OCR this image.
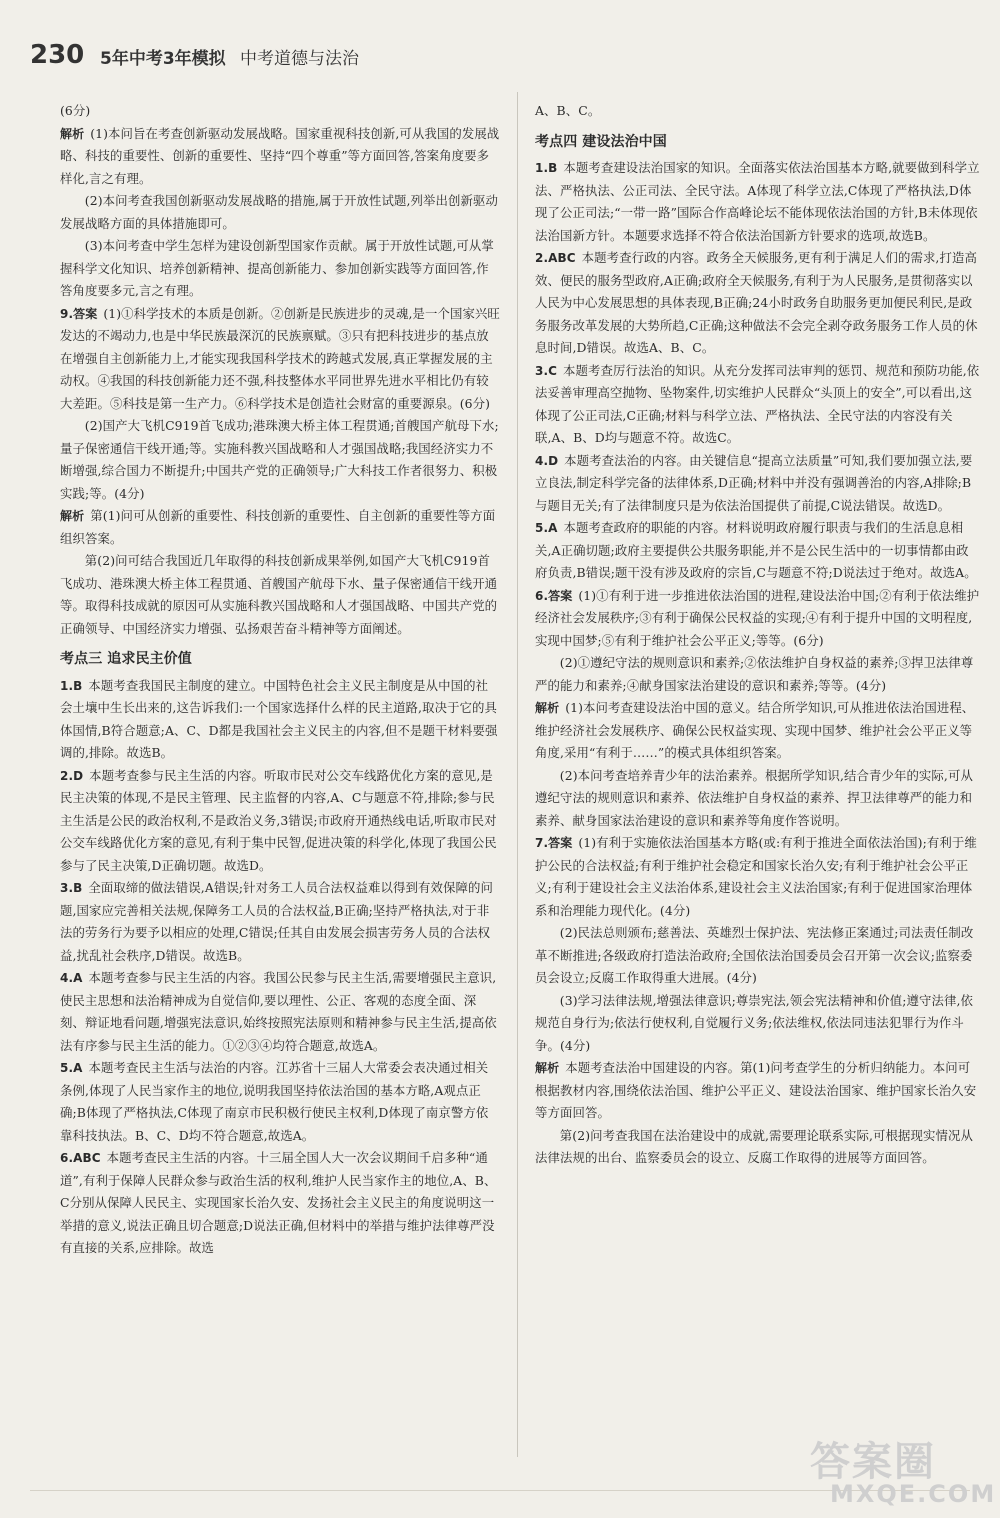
230 5年中考3年模拟 中考道德与法治

(6分)

解析 (1)本问旨在考查创新驱动发展战略。国家重视科技创新,可从我国的发展战略、科技的重要性、创新的重要性、坚持“四个尊重”等方面回答,答案角度要多样化,言之有理。

(2)本问考查我国创新驱动发展战略的措施,属于开放性试题,列举出创新驱动发展战略方面的具体措施即可。

(3)本问考查中学生怎样为建设创新型国家作贡献。属于开放性试题,可从掌握科学文化知识、培养创新精神、提高创新能力、参加创新实践等方面回答,作答角度要多元,言之有理。

9.答案 (1)①科学技术的本质是创新。②创新是民族进步的灵魂,是一个国家兴旺发达的不竭动力,也是中华民族最深沉的民族禀赋。③只有把科技进步的基点放在增强自主创新能力上,才能实现我国科学技术的跨越式发展,真正掌握发展的主动权。④我国的科技创新能力还不强,科技整体水平同世界先进水平相比仍有较大差距。⑤科技是第一生产力。⑥科学技术是创造社会财富的重要源泉。(6分)

(2)国产大飞机C919首飞成功;港珠澳大桥主体工程贯通;首艘国产航母下水;量子保密通信干线开通;等。实施科教兴国战略和人才强国战略;我国经济实力不断增强,综合国力不断提升;中国共产党的正确领导;广大科技工作者很努力、积极实践;等。(4分)

解析 第(1)问可从创新的重要性、科技创新的重要性、自主创新的重要性等方面组织答案。

第(2)问可结合我国近几年取得的科技创新成果举例,如国产大飞机C919首飞成功、港珠澳大桥主体工程贯通、首艘国产航母下水、量子保密通信干线开通等。取得科技成就的原因可从实施科教兴国战略和人才强国战略、中国共产党的正确领导、中国经济实力增强、弘扬艰苦奋斗精神等方面阐述。

考点三 追求民主价值

1.B 本题考查我国民主制度的建立。中国特色社会主义民主制度是从中国的社会土壤中生长出来的,这告诉我们:一个国家选择什么样的民主道路,取决于它的具体国情,B符合题意;A、C、D都是我国社会主义民主的内容,但不是题干材料要强调的,排除。故选B。

2.D 本题考查参与民主生活的内容。听取市民对公交车线路优化方案的意见,是民主决策的体现,不是民主管理、民主监督的内容,A、C与题意不符,排除;参与民主生活是公民的政治权利,不是政治义务,3错误;市政府开通热线电话,听取市民对公交车线路优化方案的意见,有利于集中民智,促进决策的科学化,体现了我国公民参与了民主决策,D正确切题。故选D。

3.B 全面取缔的做法错误,A错误;针对务工人员合法权益难以得到有效保障的问题,国家应完善相关法规,保障务工人员的合法权益,B正确;坚持严格执法,对于非法的劳务行为要予以相应的处理,C错误;任其自由发展会损害劳务人员的合法权益,扰乱社会秩序,D错误。故选B。

4.A 本题考查参与民主生活的内容。我国公民参与民主生活,需要增强民主意识,使民主思想和法治精神成为自觉信仰,要以理性、公正、客观的态度全面、深刻、辩证地看问题,增强宪法意识,始终按照宪法原则和精神参与民主生活,提高依法有序参与民主生活的能力。①②③④均符合题意,故选A。

5.A 本题考查民主生活与法治的内容。江苏省十三届人大常委会表决通过相关条例,体现了人民当家作主的地位,说明我国坚持依法治国的基本方略,A观点正确;B体现了严格执法,C体现了南京市民积极行使民主权利,D体现了南京警方依靠科技执法。B、C、D均不符合题意,故选A。

6.ABC 本题考查民主生活的内容。十三届全国人大一次会议期间千启多种“通道”,有利于保障人民群众参与政治生活的权利,维护人民当家作主的地位,A、B、C分别从保障人民民主、实现国家长治久安、发扬社会主义民主的角度说明这一举措的意义,说法正确且切合题意;D说法正确,但材料中的举措与维护法律尊严没有直接的关系,应排除。故选

A、B、C。

考点四 建设法治中国

1.B 本题考查建设法治国家的知识。全面落实依法治国基本方略,就要做到科学立法、严格执法、公正司法、全民守法。A体现了科学立法,C体现了严格执法,D体现了公正司法;“一带一路”国际合作高峰论坛不能体现依法治国的方针,B未体现依法治国新方针。本题要求选择不符合依法治国新方针要求的选项,故选B。

2.ABC 本题考查行政的内容。政务全天候服务,更有利于满足人们的需求,打造高效、便民的服务型政府,A正确;政府全天候服务,有利于为人民服务,是贯彻落实以人民为中心发展思想的具体表现,B正确;24小时政务自助服务更加便民利民,是政务服务改革发展的大势所趋,C正确;这种做法不会完全剥夺政务服务工作人员的休息时间,D错误。故选A、B、C。

3.C 本题考查厉行法治的知识。从充分发挥司法审判的惩罚、规范和预防功能,依法妥善审理高空抛物、坠物案件,切实维护人民群众“头顶上的安全”,可以看出,这体现了公正司法,C正确;材料与科学立法、严格执法、全民守法的内容没有关联,A、B、D均与题意不符。故选C。

4.D 本题考查法治的内容。由关键信息“提高立法质量”可知,我们要加强立法,要立良法,制定科学完备的法律体系,D正确;材料中并没有强调善治的内容,A排除;B与题目无关;有了法律制度只是为依法治国提供了前提,C说法错误。故选D。

5.A 本题考查政府的职能的内容。材料说明政府履行职责与我们的生活息息相关,A正确切题;政府主要提供公共服务职能,并不是公民生活中的一切事情都由政府负责,B错误;题干没有涉及政府的宗旨,C与题意不符;D说法过于绝对。故选A。

6.答案 (1)①有利于进一步推进依法治国的进程,建设法治中国;②有利于依法维护经济社会发展秩序;③有利于确保公民权益的实现;④有利于提升中国的文明程度,实现中国梦;⑤有利于维护社会公平正义;等等。(6分)

(2)①遵纪守法的规则意识和素养;②依法维护自身权益的素养;③捍卫法律尊严的能力和素养;④献身国家法治建设的意识和素养;等等。(4分)

解析 (1)本问考查建设法治中国的意义。结合所学知识,可从推进依法治国进程、维护经济社会发展秩序、确保公民权益实现、实现中国梦、维护社会公平正义等角度,采用“有利于……”的模式具体组织答案。

(2)本问考查培养青少年的法治素养。根据所学知识,结合青少年的实际,可从遵纪守法的规则意识和素养、依法维护自身权益的素养、捍卫法律尊严的能力和素养、献身国家法治建设的意识和素养等角度作答说明。

7.答案 (1)有利于实施依法治国基本方略(或:有利于推进全面依法治国);有利于维护公民的合法权益;有利于维护社会稳定和国家长治久安;有利于维护社会公平正义;有利于建设社会主义法治体系,建设社会主义法治国家;有利于促进国家治理体系和治理能力现代化。(4分)

(2)民法总则颁布;慈善法、英雄烈士保护法、宪法修正案通过;司法责任制改革不断推进;各级政府打造法治政府;全国依法治国委员会召开第一次会议;监察委员会设立;反腐工作取得重大进展。(4分)

(3)学习法律法规,增强法律意识;尊崇宪法,领会宪法精神和价值;遵守法律,依规范自身行为;依法行使权利,自觉履行义务;依法维权,依法同违法犯罪行为作斗争。(4分)

解析 本题考查法治中国建设的内容。第(1)问考查学生的分析归纳能力。本问可根据教材内容,围绕依法治国、维护公平正义、建设法治国家、维护国家长治久安等方面回答。

第(2)问考查我国在法治建设中的成就,需要理论联系实际,可根据现实情况从法律法规的出台、监察委员会的设立、反腐工作取得的进展等方面回答。

答案圈
MXQE.COM
